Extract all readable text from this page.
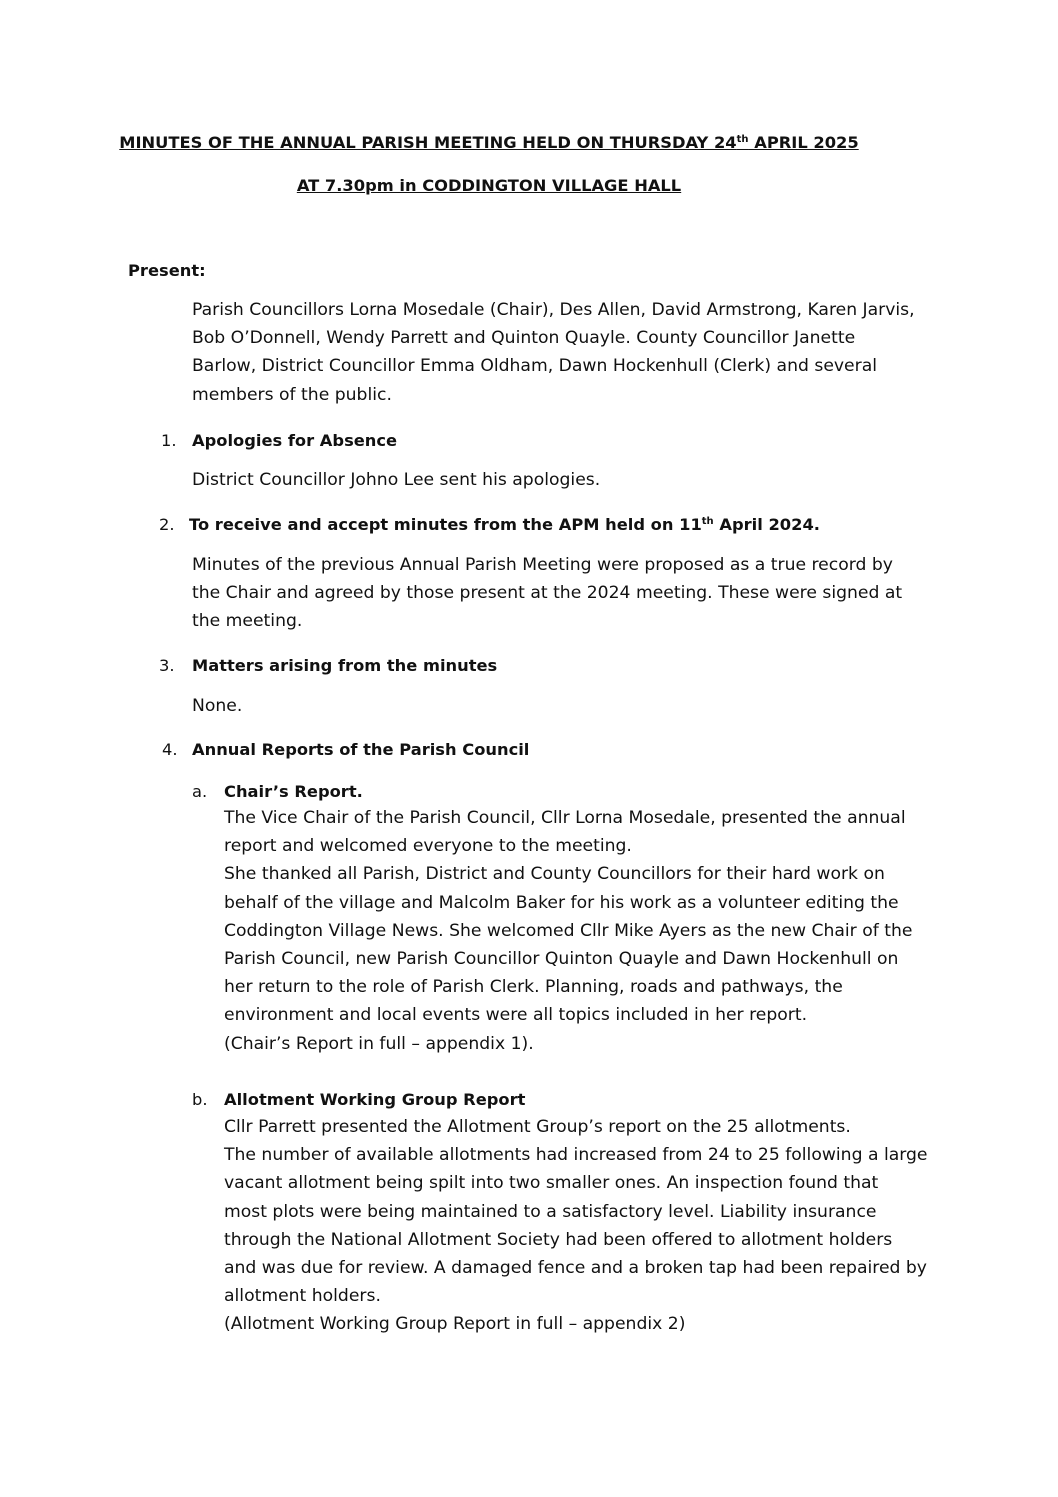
MINUTES OF THE ANNUAL PARISH MEETING HELD ON THURSDAY 24th APRIL 2025
AT 7.30pm in CODDINGTON VILLAGE HALL
Present:
Parish Councillors Lorna Mosedale (Chair), Des Allen, David Armstrong, Karen Jarvis,
Bob O’Donnell, Wendy Parrett and Quinton Quayle. County Councillor Janette
Barlow, District Councillor Emma Oldham, Dawn Hockenhull (Clerk) and several
members of the public.
1. Apologies for Absence
District Councillor Johno Lee sent his apologies.
2. To receive and accept minutes from the APM held on 11th April 2024.
Minutes of the previous Annual Parish Meeting were proposed as a true record by
the Chair and agreed by those present at the 2024 meeting. These were signed at
the meeting.
3. Matters arising from the minutes
None.
4. Annual Reports of the Parish Council
a. Chair’s Report.
The Vice Chair of the Parish Council, Cllr Lorna Mosedale, presented the annual
report and welcomed everyone to the meeting.
She thanked all Parish, District and County Councillors for their hard work on
behalf of the village and Malcolm Baker for his work as a volunteer editing the
Coddington Village News. She welcomed Cllr Mike Ayers as the new Chair of the
Parish Council, new Parish Councillor Quinton Quayle and Dawn Hockenhull on
her return to the role of Parish Clerk. Planning, roads and pathways, the
environment and local events were all topics included in her report.
(Chair’s Report in full – appendix 1).
b. Allotment Working Group Report
Cllr Parrett presented the Allotment Group’s report on the 25 allotments.
The number of available allotments had increased from 24 to 25 following a large
vacant allotment being spilt into two smaller ones. An inspection found that
most plots were being maintained to a satisfactory level. Liability insurance
through the National Allotment Society had been offered to allotment holders
and was due for review. A damaged fence and a broken tap had been repaired by
allotment holders.
(Allotment Working Group Report in full – appendix 2)
